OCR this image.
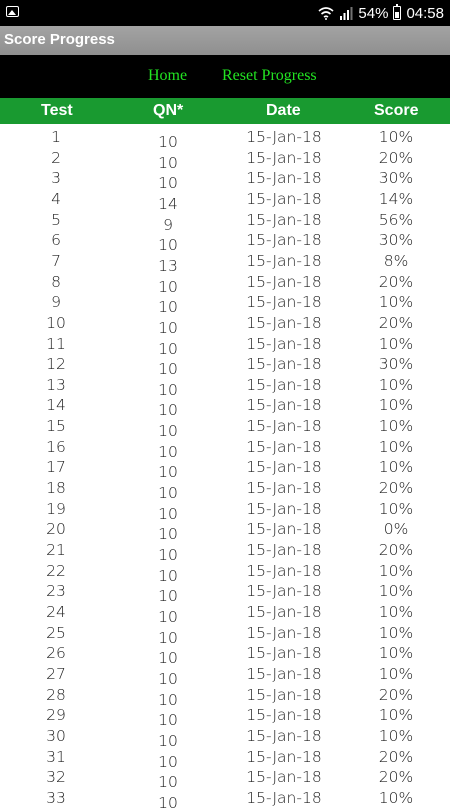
54% 04:58
Score Progress
Home Reset Progress
Test	QN*	Date	Score
1	10	15-Jan-18	10%
2	10	15-Jan-18	20%
3	10	15-Jan-18	30%
4	14	15-Jan-18	14%
5	9	15-Jan-18	56%
6	10	15-Jan-18	30%
7	13	15-Jan-18	8%
8	10	15-Jan-18	20%
9	10	15-Jan-18	10%
10	10	15-Jan-18	20%
11	10	15-Jan-18	10%
12	10	15-Jan-18	30%
13	10	15-Jan-18	10%
14	10	15-Jan-18	10%
15	10	15-Jan-18	10%
16	10	15-Jan-18	10%
17	10	15-Jan-18	10%
18	10	15-Jan-18	20%
19	10	15-Jan-18	10%
20	10	15-Jan-18	0%
21	10	15-Jan-18	20%
22	10	15-Jan-18	10%
23	10	15-Jan-18	10%
24	10	15-Jan-18	10%
25	10	15-Jan-18	10%
26	10	15-Jan-18	10%
27	10	15-Jan-18	10%
28	10	15-Jan-18	20%
29	10	15-Jan-18	10%
30	10	15-Jan-18	10%
31	10	15-Jan-18	20%
32	10	15-Jan-18	20%
33	10	15-Jan-18	10%
